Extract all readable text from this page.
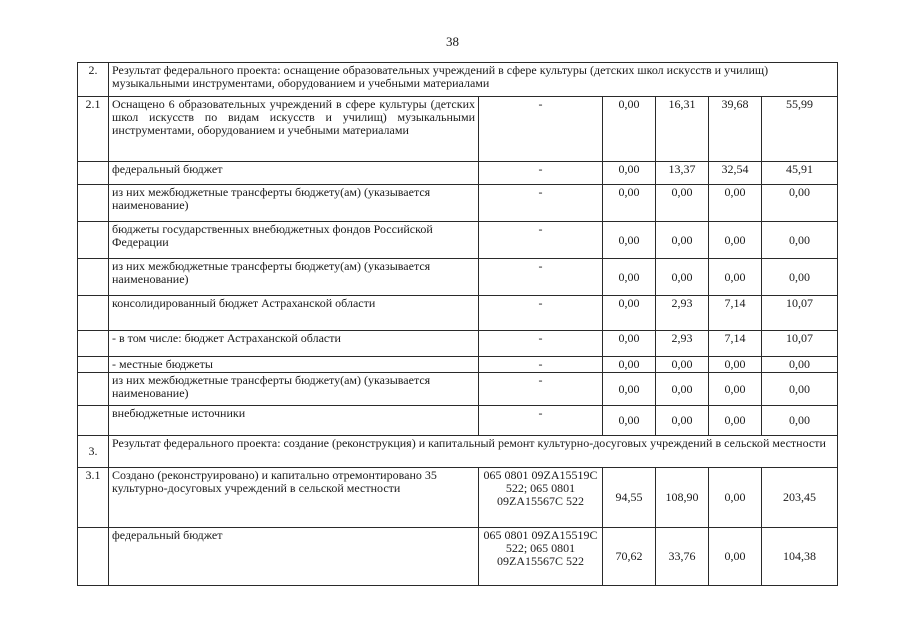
38
2.	Результат федерального проекта: оснащение образовательных учреждений в сфере культуры (детских школ искусств и училищ) музыкальными инструментами, оборудованием и учебными материалами					
2.1	Оснащено 6 образовательных учреждений в сфере культуры (детских школ искусств по видам искусств и училищ) музыкальными инструментами, оборудованием и учебными материалами	-	0,00	16,31	39,68	55,99
	федеральный бюджет	-	0,00	13,37	32,54	45,91
	из них межбюджетные трансферты бюджету(ам) (указывается наименование)	-	0,00	0,00	0,00	0,00
	бюджеты государственных внебюджетных фондов Российской Федерации	-	0,00	0,00	0,00	0,00
	из них межбюджетные трансферты бюджету(ам) (указывается наименование)	-	0,00	0,00	0,00	0,00
	консолидированный бюджет Астраханской области	-	0,00	2,93	7,14	10,07
	- в том числе: бюджет Астраханской области	-	0,00	2,93	7,14	10,07
	- местные бюджеты	-	0,00	0,00	0,00	0,00
	из них межбюджетные трансферты бюджету(ам) (указывается наименование)	-	0,00	0,00	0,00	0,00
	внебюджетные источники	-	0,00	0,00	0,00	0,00
3.	Результат федерального проекта: создание (реконструкция) и капитальный ремонт культурно-досуговых учреждений в сельской местности					
3.1	Создано (реконструировано) и капитально отремонтировано 35 культурно-досуговых учреждений в сельской местности	065 0801 09ZA15519C 522; 065 0801 09ZA15567C 522	94,55	108,90	0,00	203,45
	федеральный бюджет	065 0801 09ZA15519C 522; 065 0801 09ZA15567C 522	70,62	33,76	0,00	104,38
